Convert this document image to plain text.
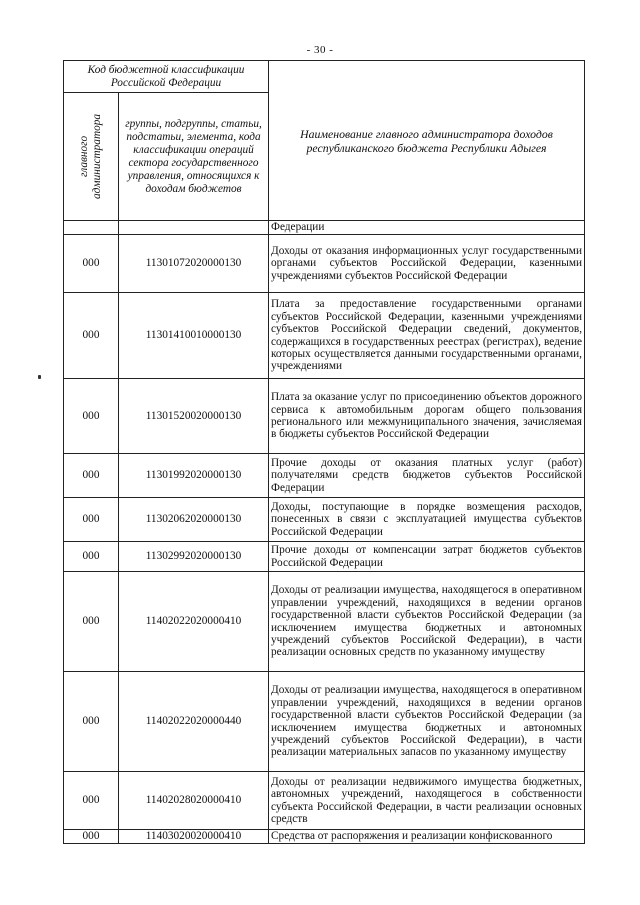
- 30 -
Код бюджетной классификации Российской Федерации		Наименование главного администратора доходов республиканского бюджета Республики Адыгея

главного администратора	группы, подгруппы, статьи, подстатьи, элемента, кода классификации операций сектора государственного управления, относящихся к доходам бюджетов	
		Федерации
000	11301072020000130	Доходы от оказания информационных услуг государственными органами субъектов Российской Федерации, казенными учреждениями субъектов Российской Федерации
000	11301410010000130	Плата за предоставление государственными органами субъектов Российской Федерации, казенными учреждениями субъектов Российской Федерации сведений, документов, содержащихся в государственных реестрах (регистрах), ведение которых осуществляется данными государственными органами, учреждениями
000	11301520020000130	Плата за оказание услуг по присоединению объектов дорожного сервиса к автомобильным дорогам общего пользования регионального или межмуниципального значения, зачисляемая в бюджеты субъектов Российской Федерации
000	11301992020000130	Прочие доходы от оказания платных услуг (работ) получателями средств бюджетов субъектов Российской Федерации
000	11302062020000130	Доходы, поступающие в порядке возмещения расходов, понесенных в связи с эксплуатацией имущества субъектов Российской Федерации
000	11302992020000130	Прочие доходы от компенсации затрат бюджетов субъектов Российской Федерации
000	11402022020000410	Доходы от реализации имущества, находящегося в оперативном управлении учреждений, находящихся в ведении органов государственной власти субъектов Российской Федерации (за исключением имущества бюджетных и автономных учреждений субъектов Российской Федерации), в части реализации основных средств по указанному имуществу
000	11402022020000440	Доходы от реализации имущества, находящегося в оперативном управлении учреждений, находящихся в ведении органов государственной власти субъектов Российской Федерации (за исключением имущества бюджетных и автономных учреждений субъектов Российской Федерации), в части реализации материальных запасов по указанному имуществу
000	11402028020000410	Доходы от реализации недвижимого имущества бюджетных, автономных учреждений, находящегося в собственности субъекта Российской Федерации, в части реализации основных средств
000	11403020020000410	Средства от распоряжения и реализации конфискованного
